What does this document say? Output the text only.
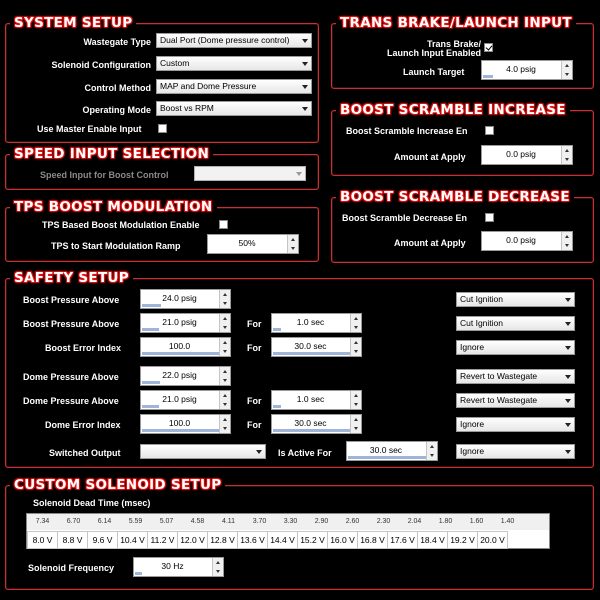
SYSTEM SETUP
Wastegate Type	Dual Port (Dome pressure control)
Solenoid Configuration	Custom
Control Method	MAP and Dome Pressure
Operating Mode	Boost vs RPM
Use Master Enable Input
SPEED INPUT SELECTION
Speed Input for Boost Control
TPS BOOST MODULATION
TPS Based Boost Modulation Enable
TPS to Start Modulation Ramp	50%
TRANS BRAKE/LAUNCH INPUT
Trans Brake/
Launch Input Enabled
Launch Target	4.0 psig
BOOST SCRAMBLE INCREASE
Boost Scramble Increase En
Amount at Apply	0.0 psig
BOOST SCRAMBLE DECREASE
Boost Scramble Decrease En
Amount at Apply	0.0 psig
SAFETY SETUP
Boost Pressure Above	24.0 psig	Cut Ignition
Boost Pressure Above	21.0 psig	For	1.0 sec	Cut Ignition
Boost Error Index	100.0	For	30.0 sec	Ignore
Dome Pressure Above	22.0 psig	Revert to Wastegate
Dome Pressure Above	21.0 psig	For	1.0 sec	Revert to Wastegate
Dome Error Index	100.0	For	30.0 sec	Ignore
Switched Output	Is Active For	30.0 sec	Ignore
CUSTOM SOLENOID SETUP
Solenoid Dead Time (msec)
7.34	6.70	6.14	5.59	5.07	4.58	4.11	3.70	3.30	2.90	2.60	2.30	2.04	1.80	1.60	1.40
8.0 V	8.8 V	9.6 V 10.4 V 11.2 V 12.0 V 12.8 V 13.6 V 14.4 V 15.2 V 16.0 V 16.8 V 17.6 V 18.4 V 19.2 V 20.0 V
Solenoid Frequency	30 Hz
